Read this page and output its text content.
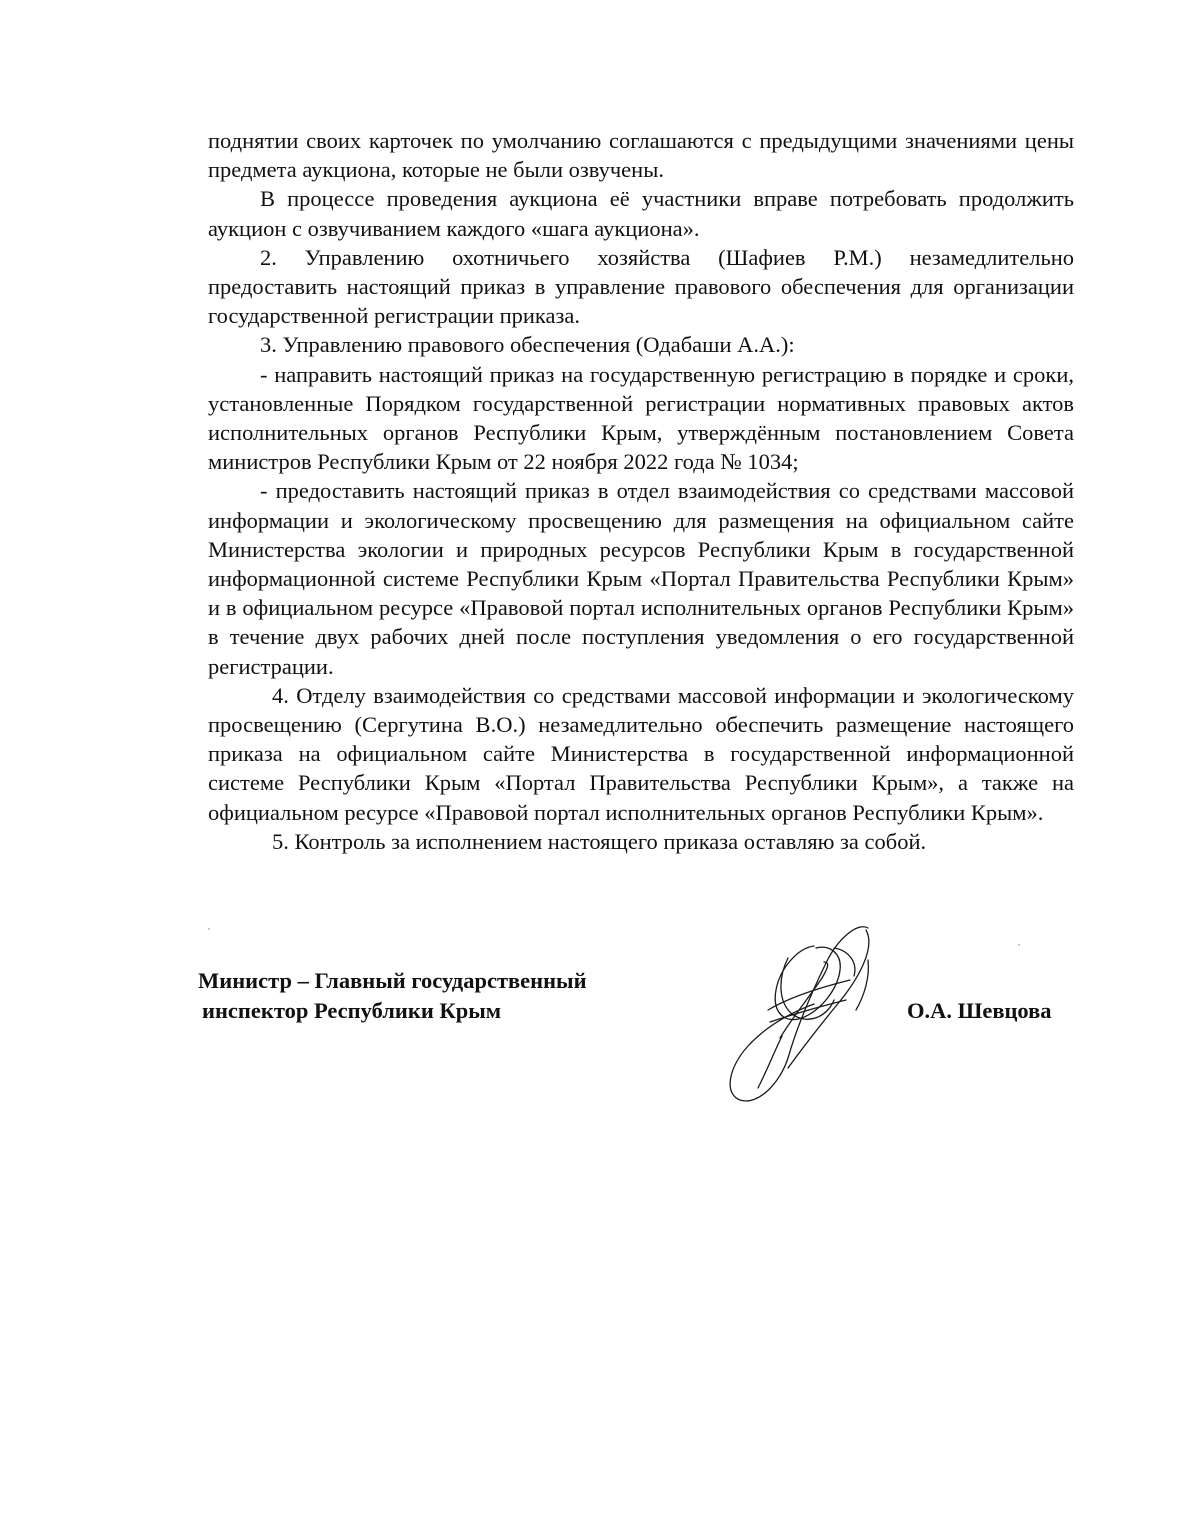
поднятии своих карточек по умолчанию соглашаются с предыдущими значениями цены предмета аукциона, которые не были озвучены.

В процессе проведения аукциона её участники вправе потребовать продолжить аукцион с озвучиванием каждого «шага аукциона».

2. Управлению охотничьего хозяйства (Шафиев Р.М.) незамедлительно предоставить настоящий приказ в управление правового обеспечения для организации государственной регистрации приказа.

3. Управлению правового обеспечения (Одабаши А.А.):

- направить настоящий приказ на государственную регистрацию в порядке и сроки, установленные Порядком государственной регистрации нормативных правовых актов исполнительных органов Республики Крым, утверждённым постановлением Совета министров Республики Крым от 22 ноября 2022 года № 1034;

- предоставить настоящий приказ в отдел взаимодействия со средствами массовой информации и экологическому просвещению для размещения на официальном сайте Министерства экологии и природных ресурсов Республики Крым в государственной информационной системе Республики Крым «Портал Правительства Республики Крым» и в официальном ресурсе «Правовой портал исполнительных органов Республики Крым» в течение двух рабочих дней после поступления уведомления о его государственной регистрации.

4. Отделу взаимодействия со средствами массовой информации и экологическому просвещению (Сергутина В.О.) незамедлительно обеспечить размещение настоящего приказа на официальном сайте Министерства в государственной информационной системе Республики Крым «Портал Правительства Республики Крым», а также на официальном ресурсе «Правовой портал исполнительных органов Республики Крым».

5. Контроль за исполнением настоящего приказа оставляю за собой.

Министр – Главный государственный
инспектор Республики Крым	О.А. Шевцова
